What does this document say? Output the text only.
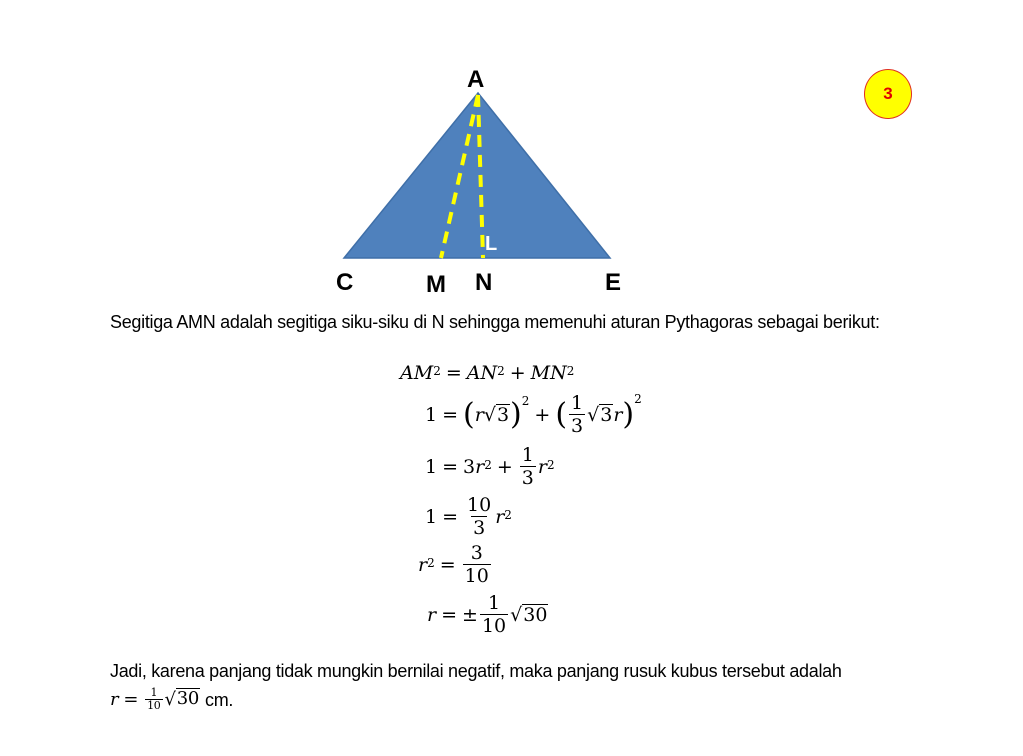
L
A
C	M N	E
3
Segitiga AMN adalah segitiga siku-siku di N sehingga memenuhi aturan Pythagoras sebagai berikut:
AM 2 = AN 2 + MN 2
1 = ( r √ 3 ) 2
+ ( $\frac{1}{3}$ √ 3 r ) 2
1 = 3 r $2 + \frac{1}{3}$ r 2
$1 = \frac{10}{3}$ r 2
r $2 = \frac{3}{10}$
r = ± $\frac{1}{10}$ √ 30
Jadi, karena panjang tidak mungkin bernilai negatif, maka panjang rusuk kubus tersebut adalah
$r = \frac{1}{10}$ √ 30 cm.
